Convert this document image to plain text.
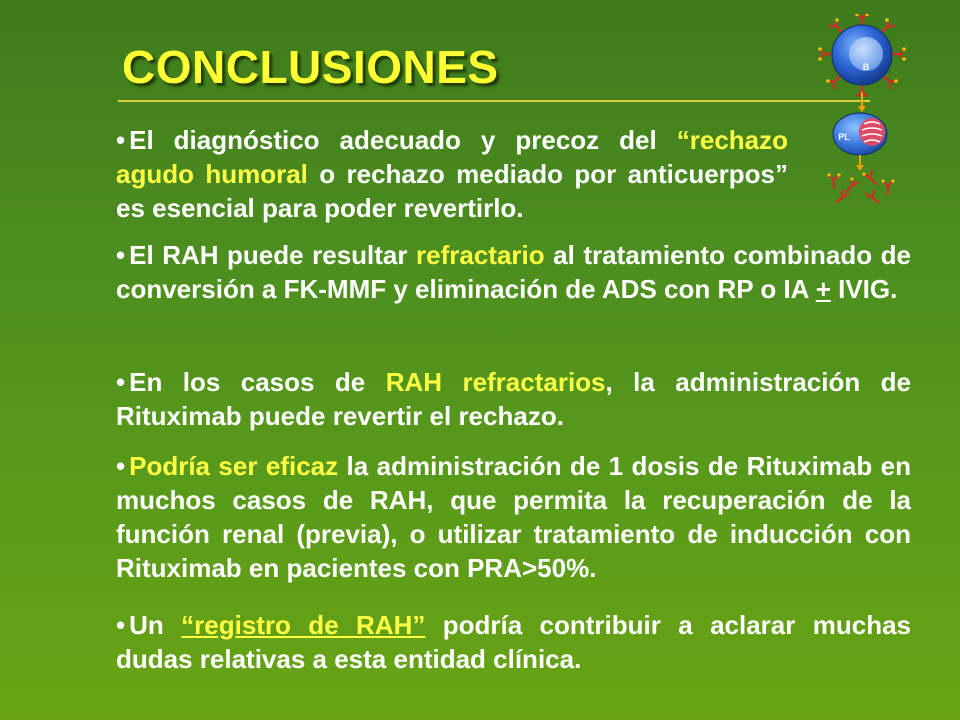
CONCLUSIONES	B
PL

• El diagnóstico adecuado y precoz del “rechazo agudo humoral o rechazo mediado por anticuerpos” es esencial para poder revertirlo.

• El RAH puede resultar refractario al tratamiento combinado de conversión a FK-MMF y eliminación de ADS con RP o IA + IVIG.

• En los casos de RAH refractarios, la administración de Rituximab puede revertir el rechazo.

• Podría ser eficaz la administración de 1 dosis de Rituximab en muchos casos de RAH, que permita la recuperación de la función renal (previa), o utilizar tratamiento de inducción con Rituximab en pacientes con PRA>50%.

• Un “registro de RAH” podría contribuir a aclarar muchas dudas relativas a esta entidad clínica.
